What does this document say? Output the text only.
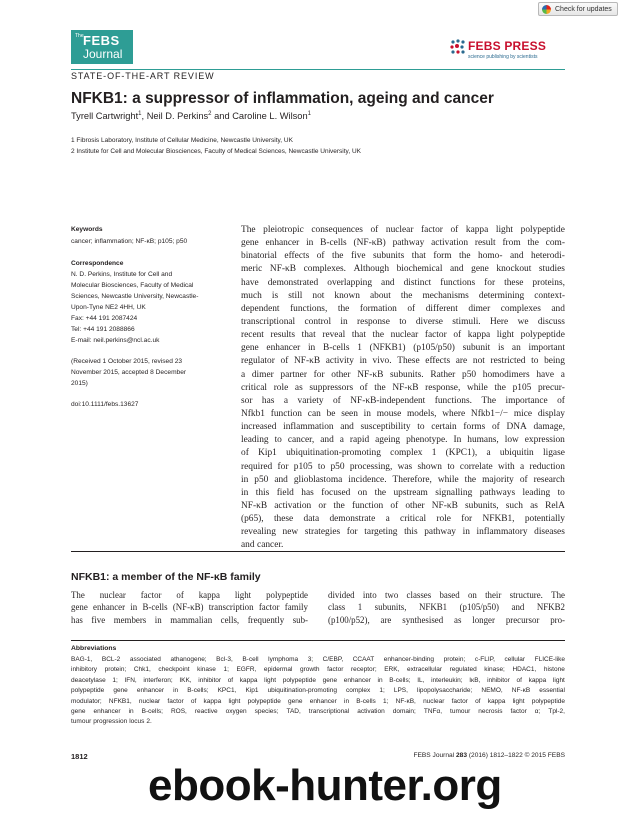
Check for updates
The FEBS
Journal
FEBS PRESS
science publishing by scientists
STATE-OF-THE-ART REVIEW
NFKB1: a suppressor of inflammation, ageing and cancer
Tyrell Cartwright$^1$, Neil D. Perkins$^2$ and Caroline L. Wilson$^1$
1 Fibrosis Laboratory, Institute of Cellular Medicine, Newcastle University, UK
2 Institute for Cell and Molecular Biosciences, Faculty of Medical Sciences, Newcastle University, UK
Keywords
cancer; inflammation; NF-κB; p105; p50
Correspondence
N. D. Perkins, Institute for Cell and
Molecular Biosciences, Faculty of Medical
Sciences, Newcastle University, Newcastle-
Upon-Tyne NE2 4HH, UK
Fax: +44 191 2087424
Tel: +44 191 2088866
E-mail: neil.perkins@ncl.ac.uk
(Received 1 October 2015, revised 23
November 2015, accepted 8 December
2015)
doi:10.1111/febs.13627
The pleiotropic consequences of nuclear factor of kappa light polypeptide
gene enhancer in B-cells (NF-κB) pathway activation result from the com-
binatorial effects of the five subunits that form the homo- and heterodi-
meric NF-κB complexes. Although biochemical and gene knockout studies
have demonstrated overlapping and distinct functions for these proteins,
much is still not known about the mechanisms determining context-
dependent functions, the formation of different dimer complexes and
transcriptional control in response to diverse stimuli. Here we discuss
recent results that reveal that the nuclear factor of kappa light polypeptide
gene enhancer in B-cells 1 (NFKB1) (p105/p50) subunit is an important
regulator of NF-κB activity in vivo. These effects are not restricted to being
a dimer partner for other NF-κB subunits. Rather p50 homodimers have a
critical role as suppressors of the NF-κB response, while the p105 precur-
sor has a variety of NF-κB-independent functions. The importance of
Nfkb1 function can be seen in mouse models, where Nfkb1−/− mice display
increased inflammation and susceptibility to certain forms of DNA damage,
leading to cancer, and a rapid ageing phenotype. In humans, low expression
of Kip1 ubiquitination-promoting complex 1 (KPC1), a ubiquitin ligase
required for p105 to p50 processing, was shown to correlate with a reduction
in p50 and glioblastoma incidence. Therefore, while the majority of research
in this field has focused on the upstream signalling pathways leading to
NF-κB activation or the function of other NF-κB subunits, such as RelA
(p65), these data demonstrate a critical role for NFKB1, potentially
revealing new strategies for targeting this pathway in inflammatory diseases
and cancer.
NFKB1: a member of the NF-κB family
The nuclear factor of kappa light polypeptide
gene enhancer in B-cells (NF-κB) transcription factor family
has five members in mammalian cells, frequently sub-
divided into two classes based on their structure. The
class 1 subunits, NFKB1 (p105/p50) and NFKB2
(p100/p52), are synthesised as longer precursor pro-
Abbreviations
BAG-1, BCL-2 associated athanogene; Bcl-3, B-cell lymphoma 3; C/EBP, CCAAT enhancer-binding protein; c-FLIP, cellular FLICE-like
inhibitory protein; Chk1, checkpoint kinase 1; EGFR, epidermal growth factor receptor; ERK, extracellular regulated kinase; HDAC1, histone
deacetylase 1; IFN, interferon; IKK, inhibitor of kappa light polypeptide gene enhancer in B-cells; IL, interleukin; IκB, inhibitor of kappa light
polypeptide gene enhancer in B-cells; KPC1, Kip1 ubiquitination-promoting complex 1; LPS, lipopolysaccharide; NEMO, NF-κB essential
modulator; NFKB1, nuclear factor of kappa light polypeptide gene enhancer in B-cells 1; NF-κB, nuclear factor of kappa light polypeptide
gene enhancer in B-cells; ROS, reactive oxygen species; TAD, transcriptional activation domain; TNFα, tumour necrosis factor α; Tpl-2,
tumour progression locus 2.
1812	FEBS Journal 283 (2016) 1812–1822 © 2015 FEBS
ebook-hunter.org
